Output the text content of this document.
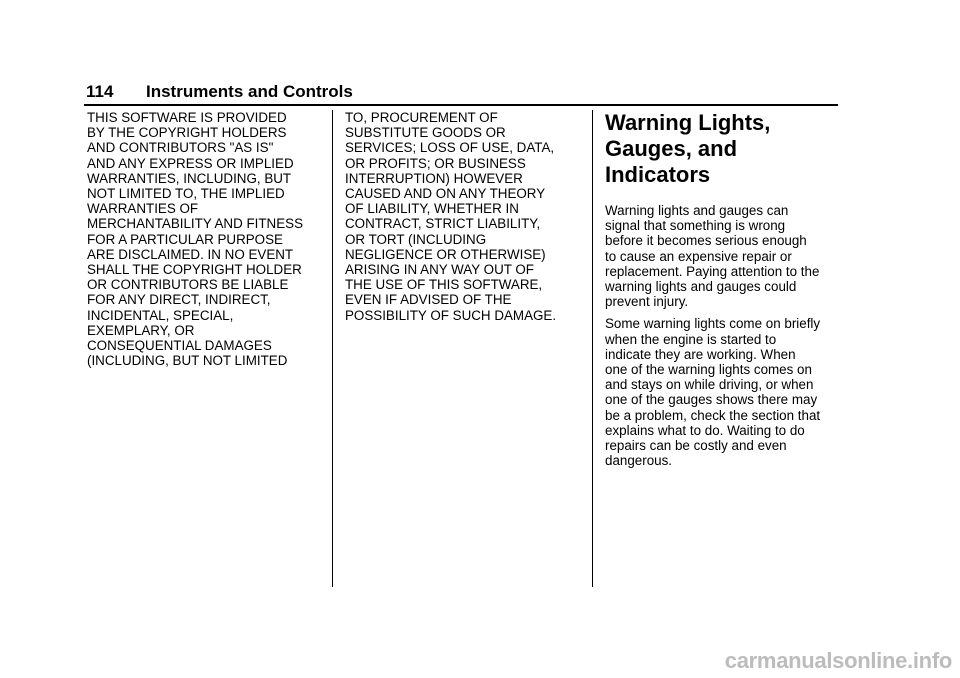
114 Instruments and Controls
THIS SOFTWARE IS PROVIDED
BY THE COPYRIGHT HOLDERS
AND CONTRIBUTORS "AS IS"
AND ANY EXPRESS OR IMPLIED
WARRANTIES, INCLUDING, BUT
NOT LIMITED TO, THE IMPLIED
WARRANTIES OF
MERCHANTABILITY AND FITNESS
FOR A PARTICULAR PURPOSE
ARE DISCLAIMED. IN NO EVENT
SHALL THE COPYRIGHT HOLDER
OR CONTRIBUTORS BE LIABLE
FOR ANY DIRECT, INDIRECT,
INCIDENTAL, SPECIAL,
EXEMPLARY, OR
CONSEQUENTIAL DAMAGES
(INCLUDING, BUT NOT LIMITED
TO, PROCUREMENT OF
SUBSTITUTE GOODS OR
SERVICES; LOSS OF USE, DATA,
OR PROFITS; OR BUSINESS
INTERRUPTION) HOWEVER
CAUSED AND ON ANY THEORY
OF LIABILITY, WHETHER IN
CONTRACT, STRICT LIABILITY,
OR TORT (INCLUDING
NEGLIGENCE OR OTHERWISE)
ARISING IN ANY WAY OUT OF
THE USE OF THIS SOFTWARE,
EVEN IF ADVISED OF THE
POSSIBILITY OF SUCH DAMAGE.
Warning Lights,
Gauges, and
Indicators
Warning lights and gauges can
signal that something is wrong
before it becomes serious enough
to cause an expensive repair or
replacement. Paying attention to the
warning lights and gauges could
prevent injury.
Some warning lights come on briefly
when the engine is started to
indicate they are working. When
one of the warning lights comes on
and stays on while driving, or when
one of the gauges shows there may
be a problem, check the section that
explains what to do. Waiting to do
repairs can be costly and even
dangerous.
carmanualsonline.info
